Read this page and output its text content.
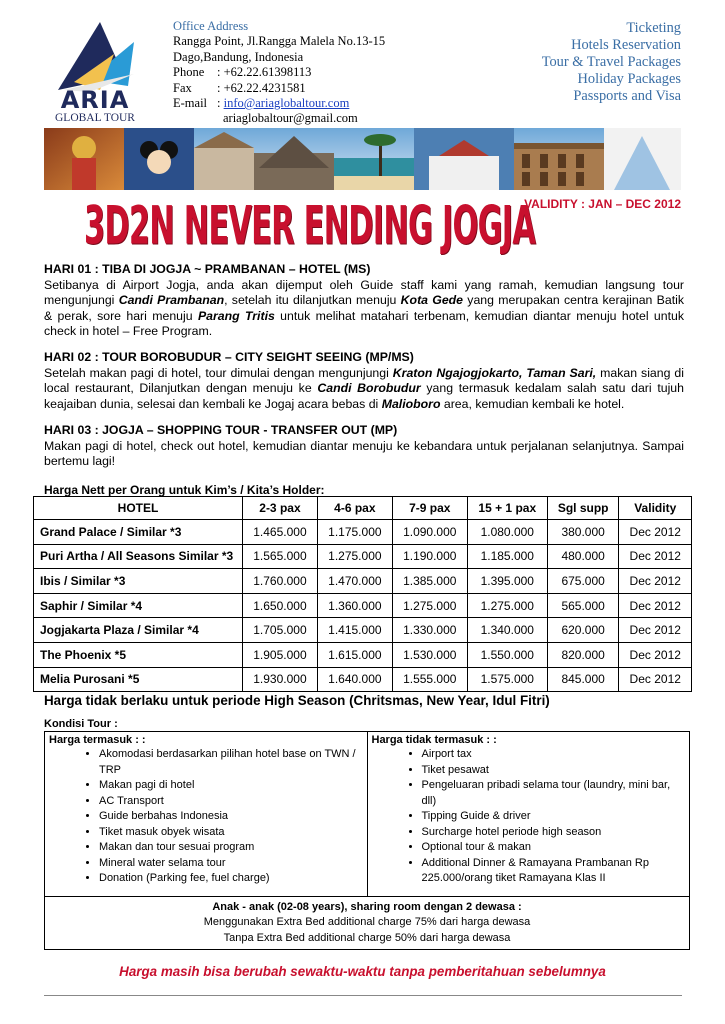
ARIA
GLOBAL TOUR
Office Address
Rangga Point, Jl.Rangga Malela No.13-15
Dago,Bandung, Indonesia
Phone : +62.22.61398113
Fax : +62.22.4231581
E-mail : info@ariaglobaltour.com
ariaglobaltour@gmail.com
Ticketing
Hotels Reservation
Tour & Travel Packages
Holiday Packages
Passports and Visa
3D2N NEVER ENDING JOGJA
VALIDITY : JAN – DEC 2012
HARI 01 : TIBA DI JOGJA ~ PRAMBANAN – HOTEL (MS)
Setibanya di Airport Jogja, anda akan dijemput oleh Guide staff kami yang ramah, kemudian langsung tour mengunjungi Candi Prambanan, setelah itu dilanjutkan menuju Kota Gede yang merupakan centra kerajinan Batik & perak, sore hari menuju Parang Tritis untuk melihat matahari terbenam, kemudian diantar menuju hotel untuk check in hotel – Free Program.
HARI 02 : TOUR BOROBUDUR – CITY SEIGHT SEEING (MP/MS)
Setelah makan pagi di hotel, tour dimulai dengan mengunjungi Kraton Ngajogjokarto, Taman Sari, makan siang di local restaurant, Dilanjutkan dengan menuju ke Candi Borobudur yang termasuk kedalam salah satu dari tujuh keajaiban dunia, selesai dan kembali ke Jogaj acara bebas di Malioboro area, kemudian kembali ke hotel.
HARI 03 : JOGJA – SHOPPING TOUR - TRANSFER OUT (MP)
Makan pagi di hotel, check out hotel, kemudian diantar menuju ke kebandara untuk perjalanan selanjutnya. Sampai bertemu lagi!
Harga Nett per Orang untuk Kim’s / Kita’s Holder:
HOTEL	2-3 pax	4-6 pax	7-9 pax	15 + 1 pax	Sgl supp	Validity
Grand Palace / Similar *3	1.465.000	1.175.000	1.090.000	1.080.000	380.000	Dec 2012
Puri Artha / All Seasons Similar *3	1.565.000	1.275.000	1.190.000	1.185.000	480.000	Dec 2012
Ibis / Similar *3	1.760.000	1.470.000	1.385.000	1.395.000	675.000	Dec 2012
Saphir / Similar *4	1.650.000	1.360.000	1.275.000	1.275.000	565.000	Dec 2012
Jogjakarta Plaza / Similar *4	1.705.000	1.415.000	1.330.000	1.340.000	620.000	Dec 2012
The Phoenix *5	1.905.000	1.615.000	1.530.000	1.550.000	820.000	Dec 2012
Melia Purosani *5	1.930.000	1.640.000	1.555.000	1.575.000	845.000	Dec 2012
Harga tidak berlaku untuk periode High Season (Chritsmas, New Year, Idul Fitri)
Kondisi Tour :
Harga termasuk : :
• Akomodasi berdasarkan pilihan hotel base on TWN / TRP
• Makan pagi di hotel
• AC Transport
• Guide berbahas Indonesia
• Tiket masuk obyek wisata
• Makan dan tour sesuai program
• Mineral water selama tour
• Donation (Parking fee, fuel charge)

Harga tidak termasuk : :
• Airport tax
• Tiket pesawat
• Pengeluaran pribadi selama tour (laundry, mini bar, dll)
• Tipping Guide & driver
• Surcharge hotel periode high season
• Optional tour & makan
• Additional Dinner & Ramayana Prambanan Rp 225.000/orang tiket Ramayana Klas II

Anak - anak (02-08 years), sharing room dengan 2 dewasa :
Menggunakan Extra Bed additional charge 75% dari harga dewasa
Tanpa Extra Bed additional charge 50% dari harga dewasa
Harga masih bisa berubah sewaktu-waktu tanpa pemberitahuan sebelumnya
